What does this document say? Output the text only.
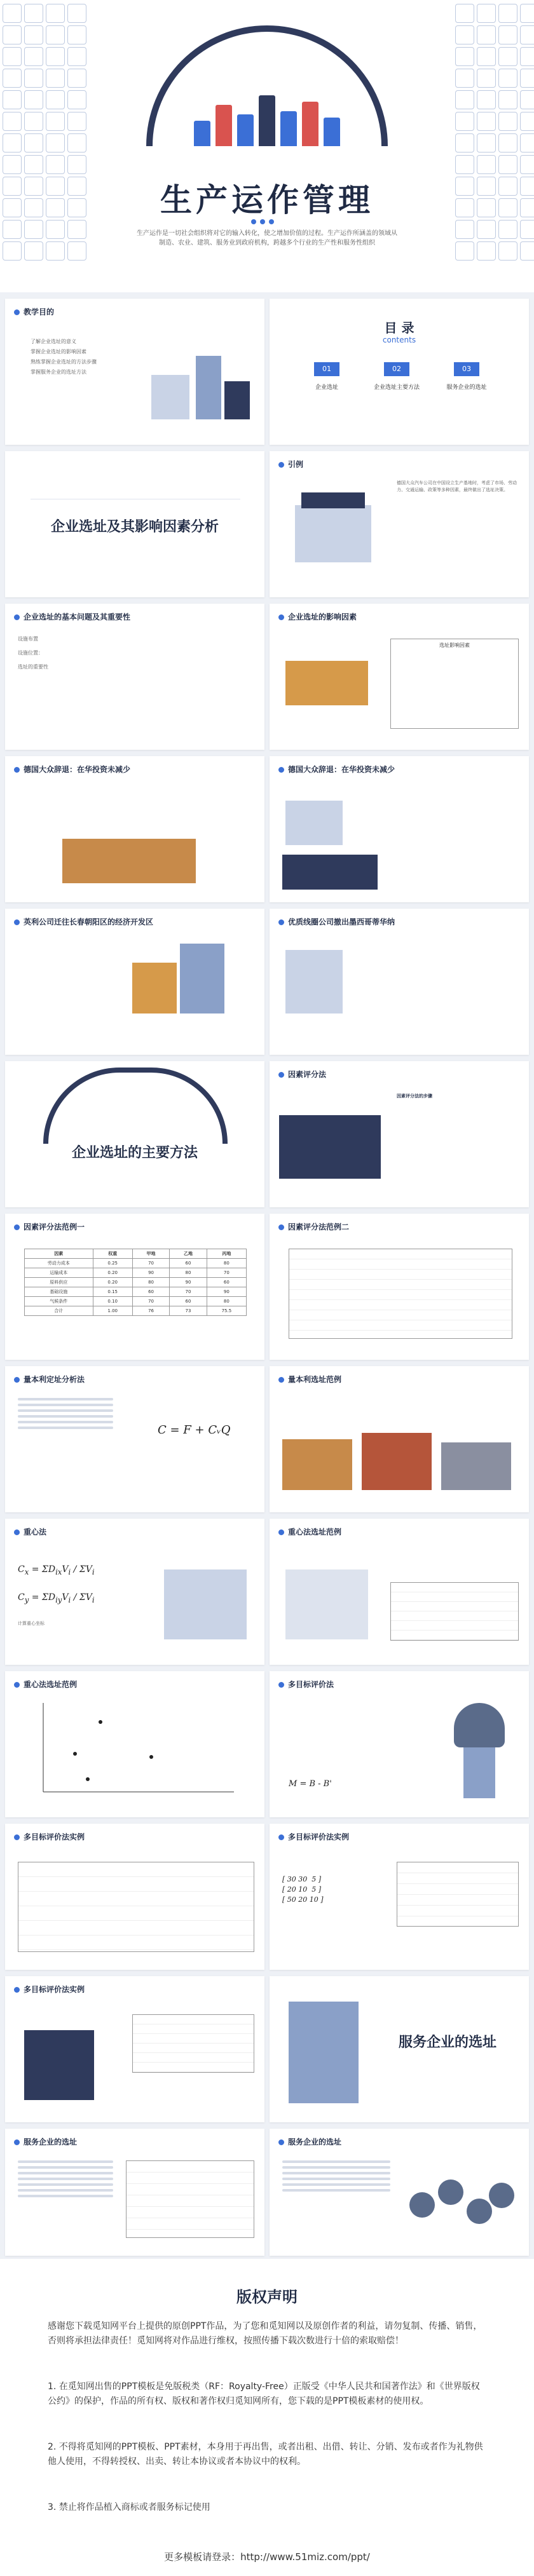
生产运作管理
生产运作是一切社会组织将对它的输入转化，使之增加价值的过程。生产运作所涵盖的领域从制造、农业、建筑、服务业到政府机构，跨越多个行业的生产性和服务性组织
教学目的
了解企业选址的意义
掌握企业选址的影响因素
熟练掌握企业选址的方法步骤
掌握服务企业的选址方法
目 录
contents
01
企业选址
02
企业选址主要方法
03
服务企业的选址
企业选址及其影响因素分析
引例
德国大众汽车公司在中国设立生产基地时，考虑了市场、劳动力、交通运输、政策等多种因素，最终做出了选址决策。
企业选址的基本问题及其重要性
设施布置
设施位置：
选址的重要性
企业选址的影响因素
选址影响因素
德国大众辞退：在华投资未减少	德国大众辞退：在华投资未减少
英利公司迁往长春朝阳区的经济开发区	优质线圈公司撤出墨西哥蒂华纳
企业选址的主要方法
因素评分法
因素评分法的步骤
因素评分法范例一
因素	权重	甲地	乙地	丙地
劳动力成本	0.25	70	60	80
运输成本	0.20	90	80	70
原料供应	0.20	80	90	60
基础设施	0.15	60	70	90
气候条件	0.10	70	60	80
合计	1.00	76	73	75.5
因素评分法范例二
量本利定址分析法
C = F + CᵥQ
量本利选址范例
重心法
$C_x = \Sigma D_{ix}V_i / \Sigma V_i$
$C_y = \Sigma D_{iy}V_i / \Sigma V_i$
计算重心坐标
重心法选址范例
重心法选址范例	多目标评价法
M = B - B'
多目标评价法实例	多目标评价法实例
[ 30 30  5 ]
[ 20 10  5 ]
[ 50 20 10 ]
多目标评价法实例
服务企业的选址
服务企业的选址	服务企业的选址
版权声明

感谢您下载觅知网平台上提供的原创PPT作品，为了您和觅知网以及原创作者的利益，请勿复制、传播、销售，否则将承担法律责任！觅知网将对作品进行维权，按照传播下载次数进行十倍的索取赔偿！

1. 在觅知网出售的PPT模板是免版税类（RF：Royalty-Free）正版受《中华人民共和国著作法》和《世界版权公约》的保护，作品的所有权、版权和著作权归觅知网所有，您下载的是PPT模板素材的使用权。

2. 不得将觅知网的PPT模板、PPT素材，本身用于再出售，或者出租、出借、转让、分销、发布或者作为礼物供他人使用，不得转授权、出卖、转让本协议或者本协议中的权利。

3. 禁止将作品植入商标或者服务标记使用

更多模板请登录：http://www.51miz.com/ppt/
